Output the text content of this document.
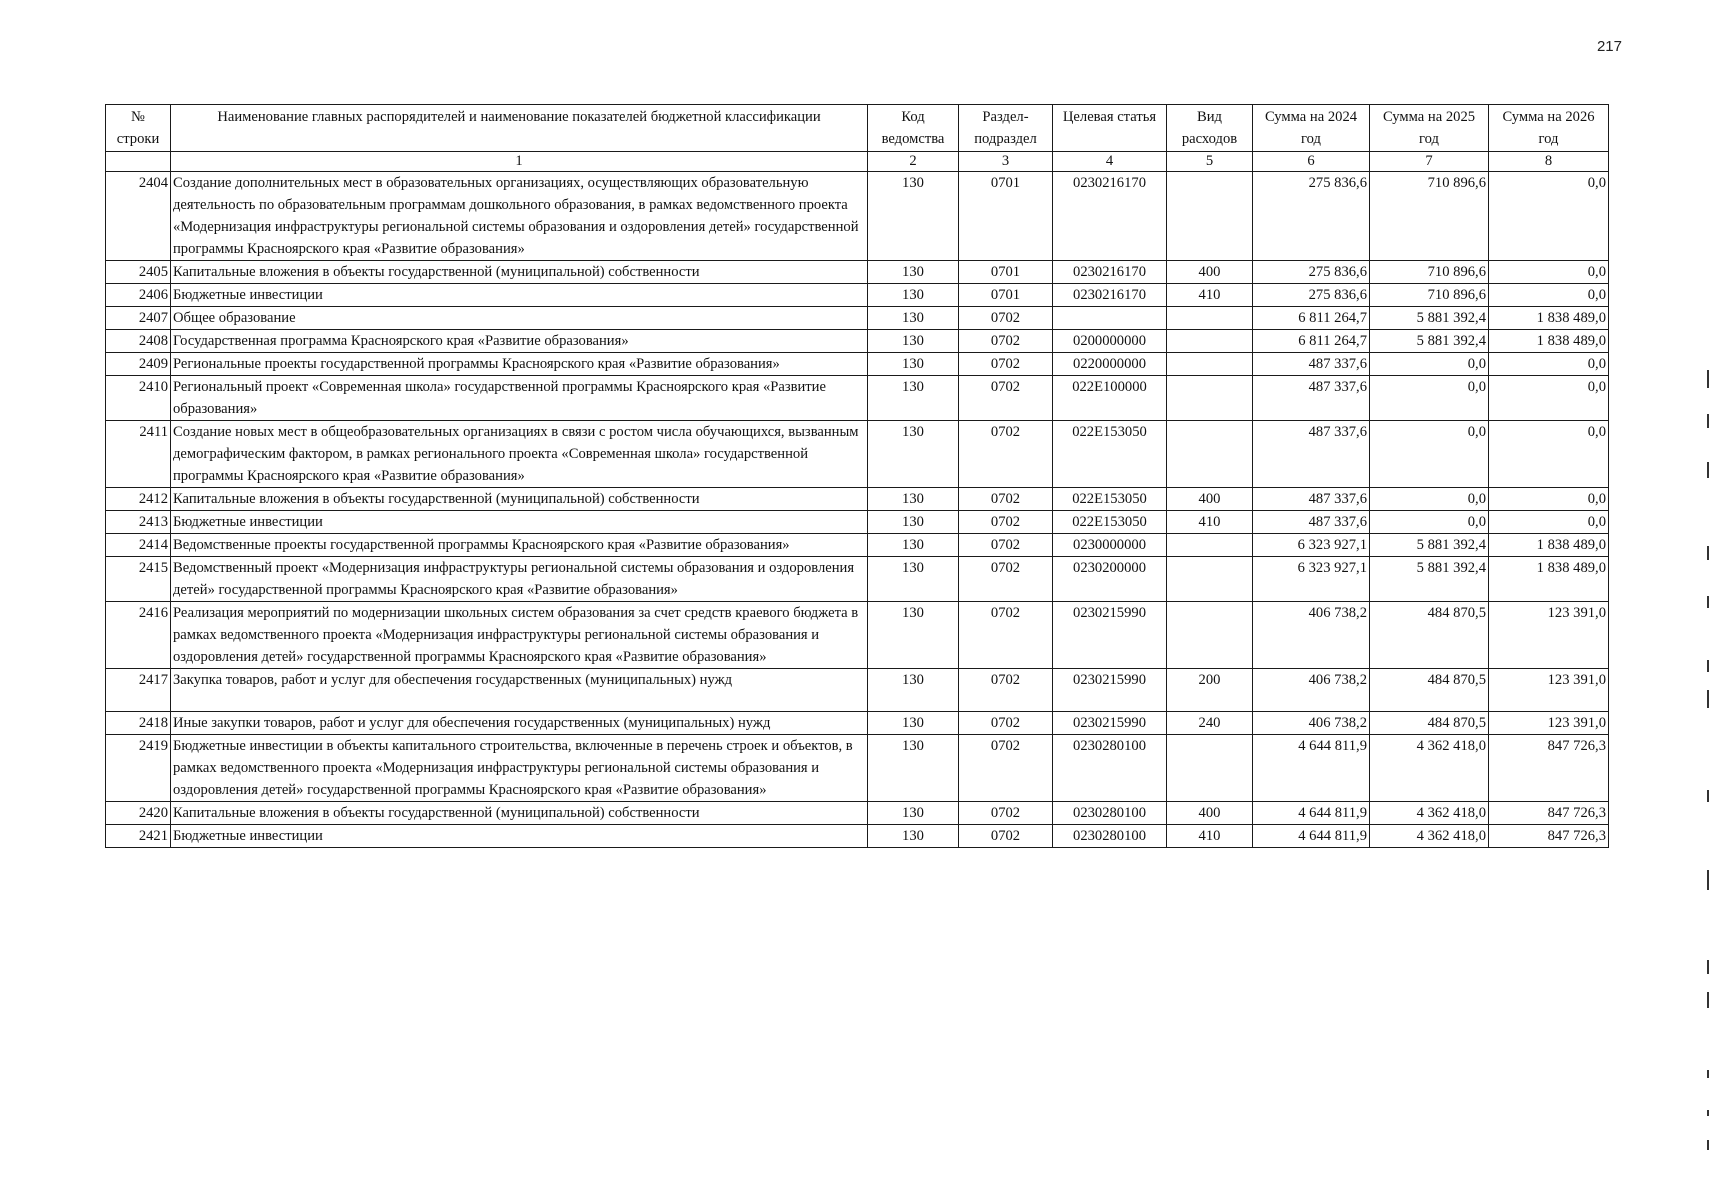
217
№ строки	Наименование главных распорядителей и наименование показателей бюджетной классификации	Код ведомства	Раздел-подраздел	Целевая статья	Вид расходов	Сумма на 2024 год	Сумма на 2025 год	Сумма на 2026 год
	1	2	3	4	5	6	7	8
2404	Создание дополнительных мест в образовательных организациях, осуществляющих образовательную деятельность по образовательным программам дошкольного образования, в рамках ведомственного проекта «Модернизация инфраструктуры региональной системы образования и оздоровления детей» государственной программы Красноярского края «Развитие образования»	130	0701	0230216170		275 836,6	710 896,6	0,0
2405	Капитальные вложения в объекты государственной (муниципальной) собственности	130	0701	0230216170	400	275 836,6	710 896,6	0,0
2406	Бюджетные инвестиции	130	0701	0230216170	410	275 836,6	710 896,6	0,0
2407	Общее образование	130	0702			6 811 264,7	5 881 392,4	1 838 489,0
2408	Государственная программа Красноярского края «Развитие образования»	130	0702	0200000000		6 811 264,7	5 881 392,4	1 838 489,0
2409	Региональные проекты государственной программы Красноярского края «Развитие образования»	130	0702	0220000000		487 337,6	0,0	0,0
2410	Региональный проект «Современная школа» государственной программы Красноярского края «Развитие образования»	130	0702	022E100000		487 337,6	0,0	0,0
2411	Создание новых мест в общеобразовательных организациях в связи с ростом числа обучающихся, вызванным демографическим фактором, в рамках регионального проекта «Современная школа» государственной программы Красноярского края «Развитие образования»	130	0702	022E153050		487 337,6	0,0	0,0
2412	Капитальные вложения в объекты государственной (муниципальной) собственности	130	0702	022E153050	400	487 337,6	0,0	0,0
2413	Бюджетные инвестиции	130	0702	022E153050	410	487 337,6	0,0	0,0
2414	Ведомственные проекты государственной программы Красноярского края «Развитие образования»	130	0702	0230000000		6 323 927,1	5 881 392,4	1 838 489,0
2415	Ведомственный проект «Модернизация инфраструктуры региональной системы образования и оздоровления детей» государственной программы Красноярского края «Развитие образования»	130	0702	0230200000		6 323 927,1	5 881 392,4	1 838 489,0
2416	Реализация мероприятий по модернизации школьных систем образования за счет средств краевого бюджета в рамках ведомственного проекта «Модернизация инфраструктуры региональной системы образования и оздоровления детей» государственной программы Красноярского края «Развитие образования»	130	0702	0230215990		406 738,2	484 870,5	123 391,0
2417	Закупка товаров, работ и услуг для обеспечения государственных (муниципальных) нужд	130	0702	0230215990	200	406 738,2	484 870,5	123 391,0
2418	Иные закупки товаров, работ и услуг для обеспечения государственных (муниципальных) нужд	130	0702	0230215990	240	406 738,2	484 870,5	123 391,0
2419	Бюджетные инвестиции в объекты капитального строительства, включенные в перечень строек и объектов, в рамках ведомственного проекта «Модернизация инфраструктуры региональной системы образования и оздоровления детей» государственной программы Красноярского края «Развитие образования»	130	0702	0230280100		4 644 811,9	4 362 418,0	847 726,3
2420	Капитальные вложения в объекты государственной (муниципальной) собственности	130	0702	0230280100	400	4 644 811,9	4 362 418,0	847 726,3
2421	Бюджетные инвестиции	130	0702	0230280100	410	4 644 811,9	4 362 418,0	847 726,3
